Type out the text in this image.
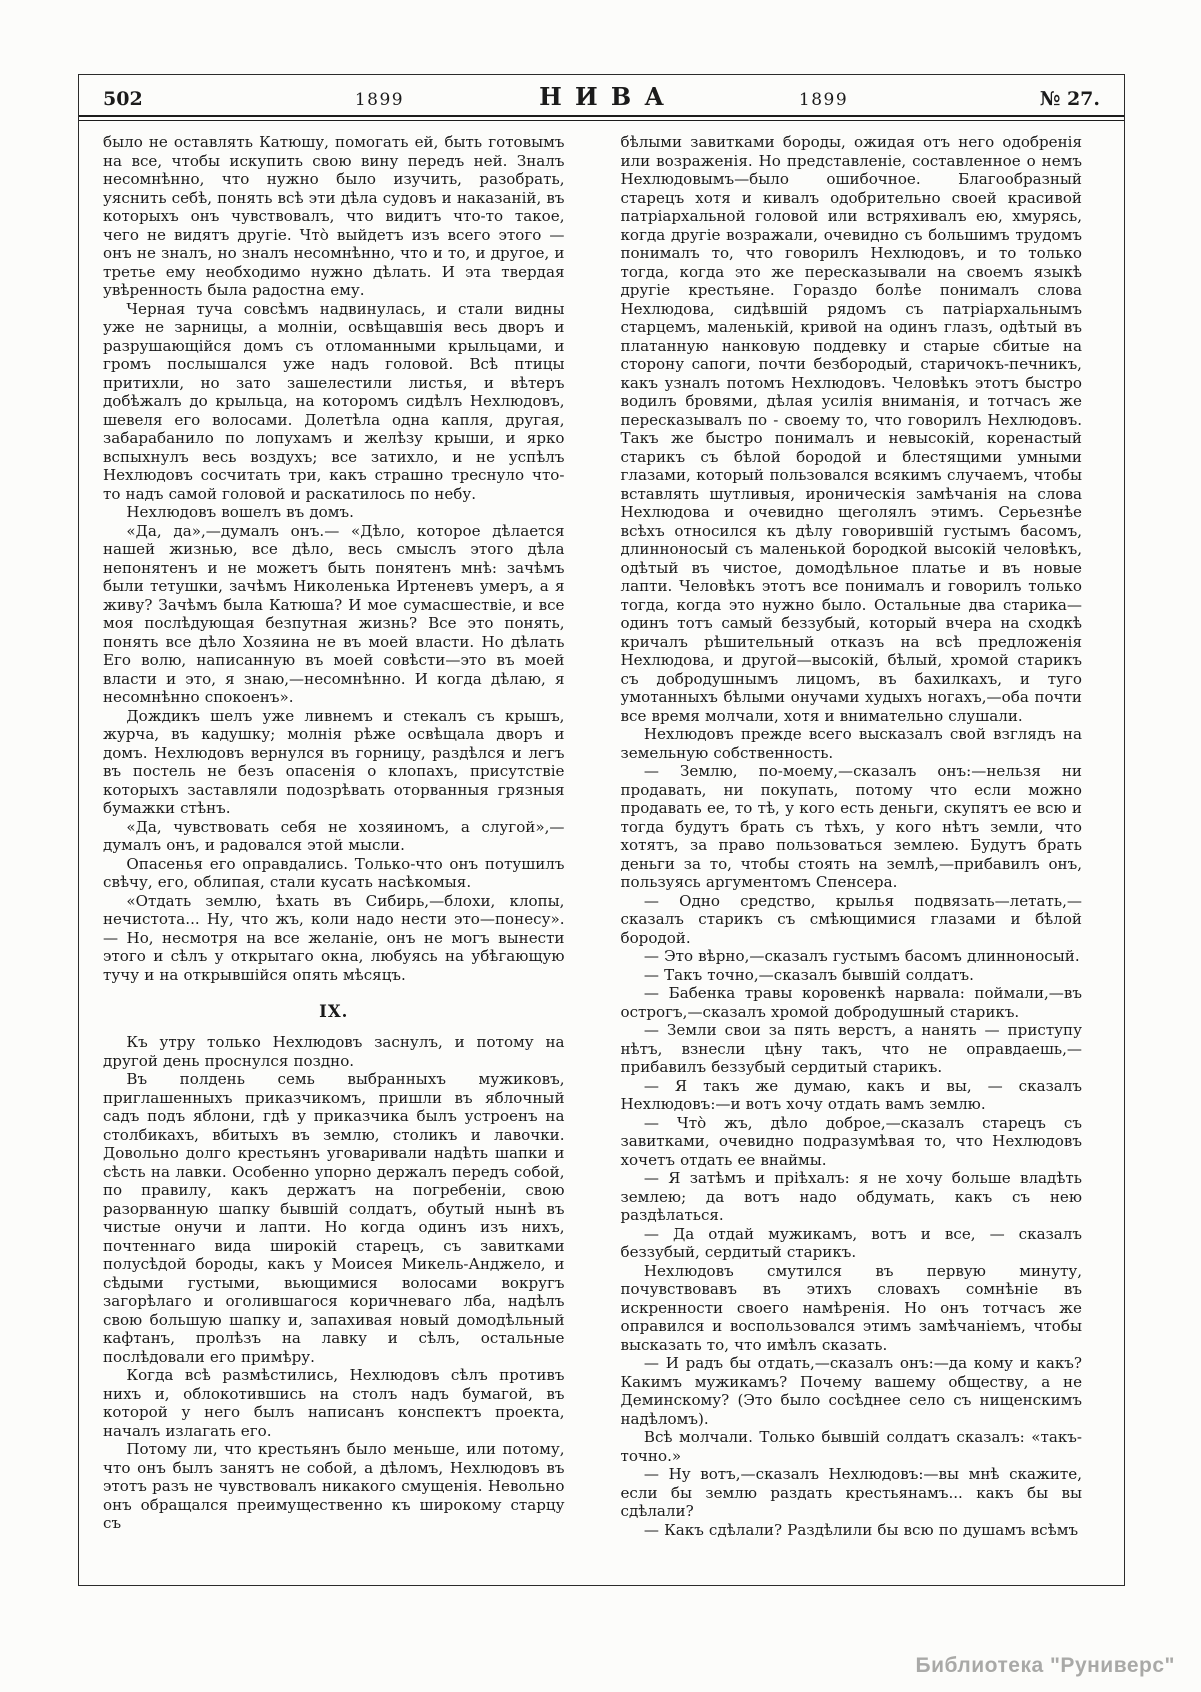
502	1899	НИВА	1899	№ 27.

было не оставлять Катюшу, помогать ей, быть готовымъ на все, чтобы искупить свою вину передъ ней. Зналъ несомнѣнно, что нужно было изучить, разобрать, уяснить себѣ, понять всѣ эти дѣла судовъ и наказаній, въ которыхъ онъ чувствовалъ, что видитъ что-то такое, чего не видятъ другіе. Что̀ выйдетъ изъ всего этого — онъ не зналъ, но зналъ несомнѣнно, что и то, и другое, и третье ему необходимо нужно дѣлать. И эта твердая увѣренность была радостна ему.

Черная туча совсѣмъ надвинулась, и стали видны уже не зарницы, а молніи, освѣщавшія весь дворъ и разрушающійся домъ съ отломанными крыльцами, и громъ послышался уже надъ головой. Всѣ птицы притихли, но зато зашелестили листья, и вѣтеръ добѣжалъ до крыльца, на которомъ сидѣлъ Нехлюдовъ, шевеля его волосами. Долетѣла одна капля, другая, забарабанило по лопухамъ и желѣзу крыши, и ярко вспыхнулъ весь воздухъ; все затихло, и не успѣлъ Нехлюдовъ сосчитать три, какъ страшно треснуло что-то надъ самой головой и раскатилось по небу.

Нехлюдовъ вошелъ въ домъ.

«Да, да»,—думалъ онъ.— «Дѣло, которое дѣлается нашей жизнью, все дѣло, весь смыслъ этого дѣла непонятенъ и не можетъ быть понятенъ мнѣ: зачѣмъ были тетушки, зачѣмъ Николенька Иртеневъ умеръ, а я живу? Зачѣмъ была Катюша? И мое сумасшествіе, и все моя послѣдующая безпутная жизнь? Все это понять, понять все дѣло Хозяина не въ моей власти. Но дѣлать Его волю, написанную въ моей совѣсти—это въ моей власти и это, я знаю,—несомнѣнно. И когда дѣлаю, я несомнѣнно спокоенъ».

Дождикъ шелъ уже ливнемъ и стекалъ съ крышъ, журча, въ кадушку; молнія рѣже освѣщала дворъ и домъ. Нехлюдовъ вернулся въ горницу, раздѣлся и легъ въ постель не безъ опасенія о клопахъ, присутствіе которыхъ заставляли подозрѣвать оторванныя грязныя бумажки стѣнъ.

«Да, чувствовать себя не хозяиномъ, а слугой»,—думалъ онъ, и радовался этой мысли.

Опасенья его оправдались. Только-что онъ потушилъ свѣчу, его, облипая, стали кусать насѣкомыя.

«Отдать землю, ѣхать въ Сибирь,—блохи, клопы, нечистота... Ну, что жъ, коли надо нести это—понесу».— Но, несмотря на все желаніе, онъ не могъ вынести этого и сѣлъ у открытаго окна, любуясь на убѣгающую тучу и на открывшійся опять мѣсяцъ.

IX.

Къ утру только Нехлюдовъ заснулъ, и потому на другой день проснулся поздно.

Въ полдень семь выбранныхъ мужиковъ, приглашенныхъ приказчикомъ, пришли въ яблочный садъ подъ яблони, гдѣ у приказчика былъ устроенъ на столбикахъ, вбитыхъ въ землю, столикъ и лавочки. Довольно долго крестьянъ уговаривали надѣть шапки и сѣсть на лавки. Особенно упорно держалъ передъ собой, по правилу, какъ держатъ на погребеніи, свою разорванную шапку бывшій солдатъ, обутый нынѣ въ чистые онучи и лапти. Но когда одинъ изъ нихъ, почтеннаго вида широкій старецъ, съ завитками полусѣдой бороды, какъ у Моисея Микель-Анджело, и сѣдыми густыми, вьющимися волосами вокругъ загорѣлаго и оголившагося коричневаго лба, надѣлъ свою большую шапку и, запахивая новый домодѣльный кафтанъ, пролѣзъ на лавку и сѣлъ, остальные послѣдовали его примѣру.

Когда всѣ размѣстились, Нехлюдовъ сѣлъ противъ нихъ и, облокотившись на столъ надъ бумагой, въ которой у него былъ написанъ конспектъ проекта, началъ излагать его.

Потому ли, что крестьянъ было меньше, или потому, что онъ былъ занятъ не собой, а дѣломъ, Нехлюдовъ въ этотъ разъ не чувствовалъ никакого смущенія. Невольно онъ обращался преимущественно къ широкому старцу съ

бѣлыми завитками бороды, ожидая отъ него одобренія или возраженія. Но представленіе, составленное о немъ Нехлюдовымъ—было ошибочное. Благообразный старецъ хотя и кивалъ одобрительно своей красивой патріархальной головой или встряхивалъ ею, хмурясь, когда другіе возражали, очевидно съ большимъ трудомъ понималъ то, что говорилъ Нехлюдовъ, и то только тогда, когда это же пересказывали на своемъ языкѣ другіе крестьяне. Гораздо болѣе понималъ слова Нехлюдова, сидѣвшій рядомъ съ патріархальнымъ старцемъ, маленькій, кривой на одинъ глазъ, одѣтый въ платанную нанковую поддевку и старые сбитые на сторону сапоги, почти безбородый, старичокъ-печникъ, какъ узналъ потомъ Нехлюдовъ. Человѣкъ этотъ быстро водилъ бровями, дѣлая усилія вниманія, и тотчасъ же пересказывалъ по - своему то, что говорилъ Нехлюдовъ. Такъ же быстро понималъ и невысокій, коренастый старикъ съ бѣлой бородой и блестящими умными глазами, который пользовался всякимъ случаемъ, чтобы вставлять шутливыя, ироническія замѣчанія на слова Нехлюдова и очевидно щеголялъ этимъ. Серьезнѣе всѣхъ относился къ дѣлу говорившій густымъ басомъ, длинноносый съ маленькой бородкой высокій человѣкъ, одѣтый въ чистое, домодѣльное платье и въ новые лапти. Человѣкъ этотъ все понималъ и говорилъ только тогда, когда это нужно было. Остальные два старика—одинъ тотъ самый беззубый, который вчера на сходкѣ кричалъ рѣшительный отказъ на всѣ предложенія Нехлюдова, и другой—высокій, бѣлый, хромой старикъ съ добродушнымъ лицомъ, въ бахилкахъ, и туго умотанныхъ бѣлыми онучами худыхъ ногахъ,—оба почти все время молчали, хотя и внимательно слушали.

Нехлюдовъ прежде всего высказалъ свой взглядъ на земельную собственность.

— Землю, по-моему,—сказалъ онъ:—нельзя ни продавать, ни покупать, потому что если можно продавать ее, то тѣ, у кого есть деньги, скупятъ ее всю и тогда будутъ брать съ тѣхъ, у кого нѣтъ земли, что хотятъ, за право пользоваться землею. Будутъ брать деньги за то, чтобы стоять на землѣ,—прибавилъ онъ, пользуясь аргументомъ Спенсера.

— Одно средство, крылья подвязать—летать,—сказалъ старикъ съ смѣющимися глазами и бѣлой бородой.

— Это вѣрно,—сказалъ густымъ басомъ длинноносый.

— Такъ точно,—сказалъ бывшій солдатъ.

— Бабенка травы коровенкѣ нарвала: поймали,—въ острогъ,—сказалъ хромой добродушный старикъ.

— Земли свои за пять верстъ, а нанять — приступу нѣтъ, взнесли цѣну такъ, что не оправдаешь,—прибавилъ беззубый сердитый старикъ.

— Я такъ же думаю, какъ и вы, — сказалъ Нехлюдовъ:—и вотъ хочу отдать вамъ землю.

— Что̀ жъ, дѣло доброе,—сказалъ старецъ съ завитками, очевидно подразумѣвая то, что Нехлюдовъ хочетъ отдать ее внаймы.

— Я затѣмъ и пріѣхалъ: я не хочу больше владѣть землею; да вотъ надо обдумать, какъ съ нею раздѣлаться.

— Да отдай мужикамъ, вотъ и все, — сказалъ беззубый, сердитый старикъ.

Нехлюдовъ смутился въ первую минуту, почувствовавъ въ этихъ словахъ сомнѣніе въ искренности своего намѣренія. Но онъ тотчасъ же оправился и воспользовался этимъ замѣчаніемъ, чтобы высказать то, что имѣлъ сказать.

— И радъ бы отдать,—сказалъ онъ:—да кому и какъ? Какимъ мужикамъ? Почему вашему обществу, а не Деминскому? (Это было сосѣднее село съ нищенскимъ надѣломъ).

Всѣ молчали. Только бывшій солдатъ сказалъ: «такъ-точно.»

— Ну вотъ,—сказалъ Нехлюдовъ:—вы мнѣ скажите, если бы землю раздать крестьянамъ... какъ бы вы сдѣлали?

— Какъ сдѣлали? Раздѣлили бы всю по душамъ всѣмъ

Библиотека "Руниверс"
